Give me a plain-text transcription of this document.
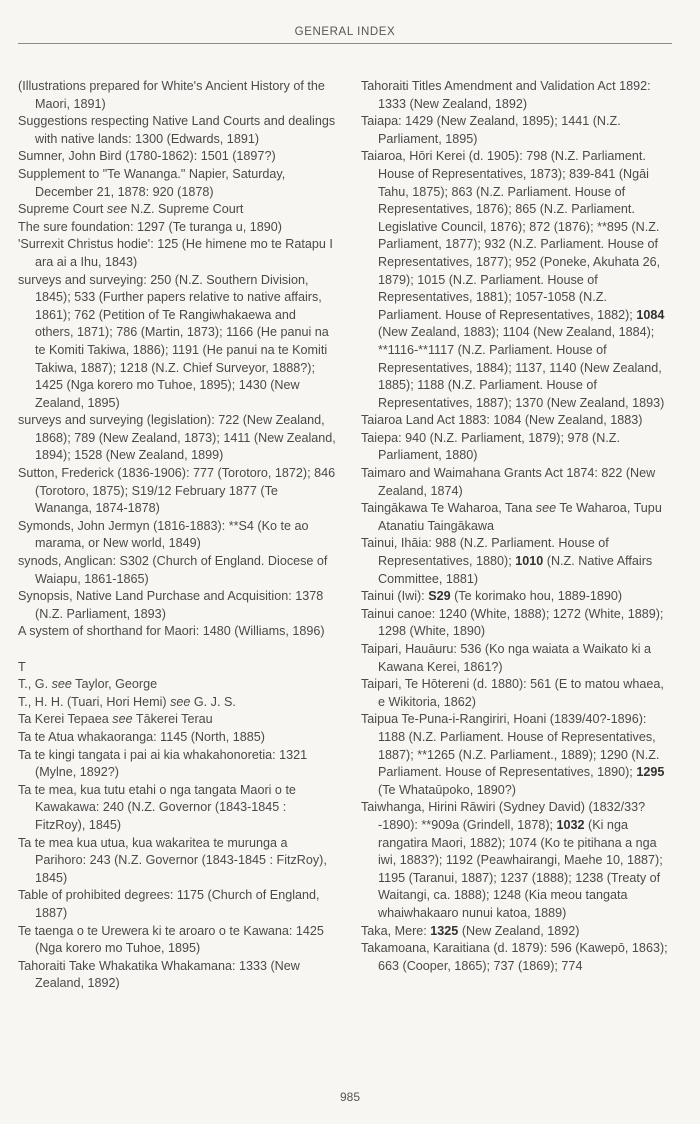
GENERAL INDEX

(Illustrations prepared for White's Ancient History of the Maori, 1891)

Suggestions respecting Native Land Courts and dealings with native lands: 1300 (Edwards, 1891)

Sumner, John Bird (1780-1862): 1501 (1897?)

Supplement to "Te Wananga." Napier, Saturday, December 21, 1878: 920 (1878)

Supreme Court see N.Z. Supreme Court

The sure foundation: 1297 (Te turanga u, 1890)

'Surrexit Christus hodie': 125 (He himene mo te Ratapu I ara ai a Ihu, 1843)

surveys and surveying: 250 (N.Z. Southern Division, 1845); 533 (Further papers relative to native affairs, 1861); 762 (Petition of Te Rangiwhakaewa and others, 1871); 786 (Martin, 1873); 1166 (He panui na te Komiti Takiwa, 1886); 1191 (He panui na te Komiti Takiwa, 1887); 1218 (N.Z. Chief Surveyor, 1888?); 1425 (Nga korero mo Tuhoe, 1895); 1430 (New Zealand, 1895)

surveys and surveying (legislation): 722 (New Zealand, 1868); 789 (New Zealand, 1873); 1411 (New Zealand, 1894); 1528 (New Zealand, 1899)

Sutton, Frederick (1836-1906): 777 (Torotoro, 1872); 846 (Torotoro, 1875); S19/12 February 1877 (Te Wananga, 1874-1878)

Symonds, John Jermyn (1816-1883): **S4 (Ko te ao marama, or New world, 1849)

synods, Anglican: S302 (Church of England. Diocese of Waiapu, 1861-1865)

Synopsis, Native Land Purchase and Acquisition: 1378 (N.Z. Parliament, 1893)

A system of shorthand for Maori: 1480 (Williams, 1896)

T

T., G. see Taylor, George

T., H. H. (Tuari, Hori Hemi) see G. J. S.

Ta Kerei Tepaea see Tākerei Terau

Ta te Atua whakaoranga: 1145 (North, 1885)

Ta te kingi tangata i pai ai kia whakahonoretia: 1321 (Mylne, 1892?)

Ta te mea, kua tutu etahi o nga tangata Maori o te Kawakawa: 240 (N.Z. Governor (1843-1845 : FitzRoy), 1845)

Ta te mea kua utua, kua wakaritea te murunga a Parihoro: 243 (N.Z. Governor (1843-1845 : FitzRoy), 1845)

Table of prohibited degrees: 1175 (Church of England, 1887)

Te taenga o te Urewera ki te aroaro o te Kawana: 1425 (Nga korero mo Tuhoe, 1895)

Tahoraiti Take Whakatika Whakamana: 1333 (New Zealand, 1892)

Tahoraiti Titles Amendment and Validation Act 1892: 1333 (New Zealand, 1892)

Taiapa: 1429 (New Zealand, 1895); 1441 (N.Z. Parliament, 1895)

Taiaroa, Hōri Kerei (d. 1905): 798 (N.Z. Parliament. House of Representatives, 1873); 839-841 (Ngāi Tahu, 1875); 863 (N.Z. Parliament. House of Representatives, 1876); 865 (N.Z. Parliament. Legislative Council, 1876); 872 (1876); **895 (N.Z. Parliament, 1877); 932 (N.Z. Parliament. House of Representatives, 1877); 952 (Poneke, Akuhata 26, 1879); 1015 (N.Z. Parliament. House of Representatives, 1881); 1057-1058 (N.Z. Parliament. House of Representatives, 1882); 1084 (New Zealand, 1883); 1104 (New Zealand, 1884); **1116-**1117 (N.Z. Parliament. House of Representatives, 1884); 1137, 1140 (New Zealand, 1885); 1188 (N.Z. Parliament. House of Representatives, 1887); 1370 (New Zealand, 1893)

Taiaroa Land Act 1883: 1084 (New Zealand, 1883)

Taiepa: 940 (N.Z. Parliament, 1879); 978 (N.Z. Parliament, 1880)

Taimaro and Waimahana Grants Act 1874: 822 (New Zealand, 1874)

Taingākawa Te Waharoa, Tana see Te Waharoa, Tupu Atanatiu Taingākawa

Tainui, Ihāia: 988 (N.Z. Parliament. House of Representatives, 1880); 1010 (N.Z. Native Affairs Committee, 1881)

Tainui (Iwi): S29 (Te korimako hou, 1889-1890)

Tainui canoe: 1240 (White, 1888); 1272 (White, 1889); 1298 (White, 1890)

Taipari, Hauāuru: 536 (Ko nga waiata a Waikato ki a Kawana Kerei, 1861?)

Taipari, Te Hōtereni (d. 1880): 561 (E to matou whaea, e Wikitoria, 1862)

Taipua Te-Puna-i-Rangiriri, Hoani (1839/40?-1896): 1188 (N.Z. Parliament. House of Representatives, 1887); **1265 (N.Z. Parliament., 1889); 1290 (N.Z. Parliament. House of Representatives, 1890); 1295 (Te Whataūpoko, 1890?)

Taiwhanga, Hirini Rāwiri (Sydney David) (1832/33?-1890): **909a (Grindell, 1878); 1032 (Ki nga rangatira Maori, 1882); 1074 (Ko te pitihana a nga iwi, 1883?); 1192 (Peawhairangi, Maehe 10, 1887); 1195 (Taranui, 1887); 1237 (1888); 1238 (Treaty of Waitangi, ca. 1888); 1248 (Kia meou tangata whaiwhakaaro nunui katoa, 1889)

Taka, Mere: 1325 (New Zealand, 1892)

Takamoana, Karaitiana (d. 1879): 596 (Kawepō, 1863); 663 (Cooper, 1865); 737 (1869); 774

985
